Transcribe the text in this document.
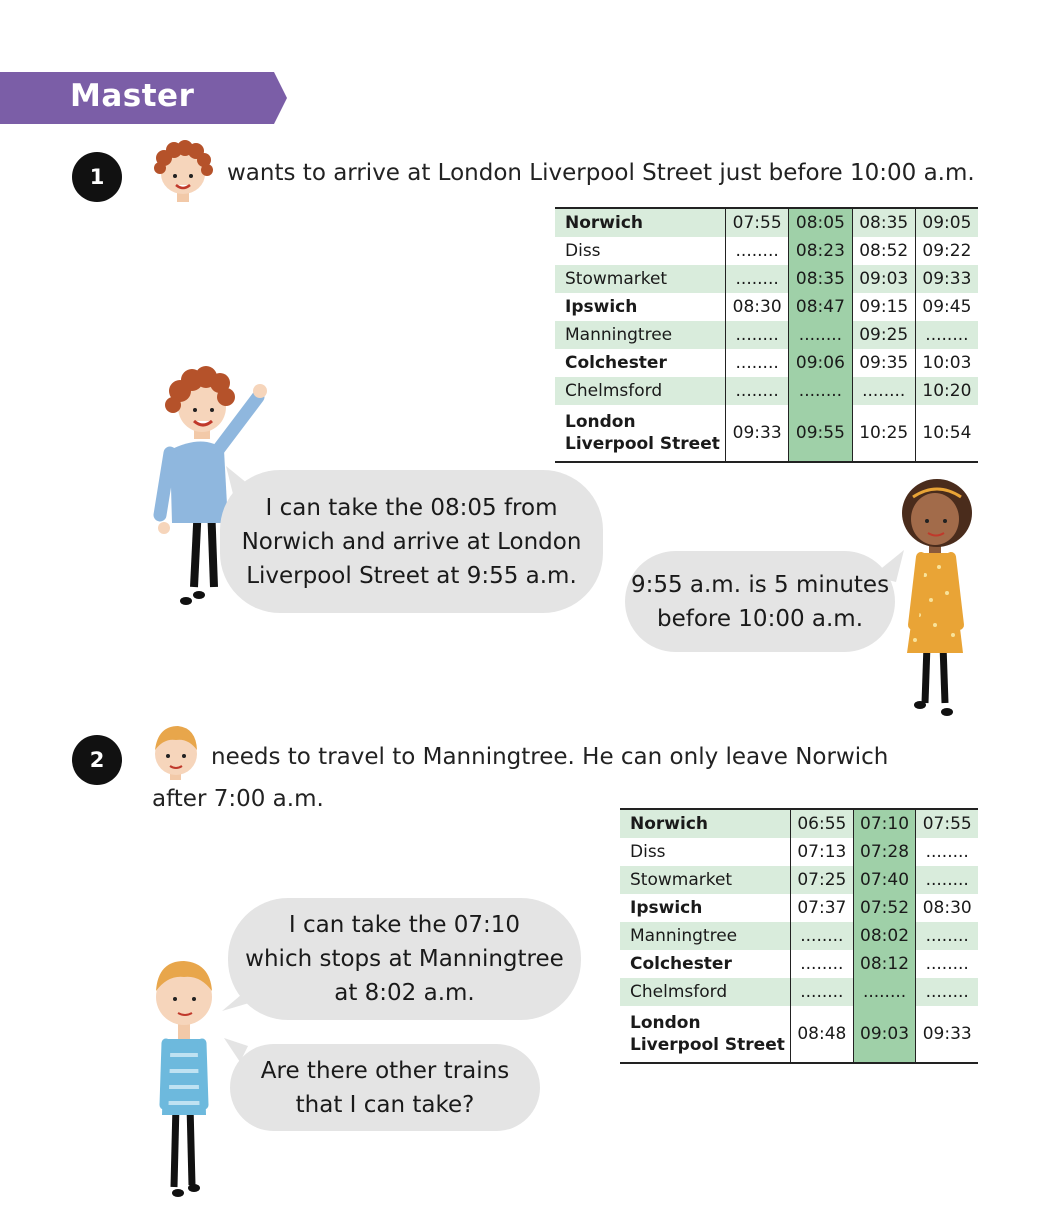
Master
1	wants to arrive at London Liverpool Street just before 10:00 a.m.
Norwich	07:55	08:05	08:35	09:05
Diss	........	08:23	08:52	09:22
Stowmarket	........	08:35	09:03	09:33
Ipswich	08:30	08:47	09:15	09:45
Manningtree	........	........	09:25	........
Colchester	........	09:06	09:35	10:03
Chelmsford	........	........	........	10:20

London
Liverpool Street	09:33	09:55	10:25	10:54
I can take the 08:05 from
Norwich and arrive at London
Liverpool Street at 9:55 a.m. 9:55 a.m. is 5 minutes
before 10:00 a.m.
2	needs to travel to Manningtree. He can only leave Norwich
after 7:00 a.m.
Norwich	06:55	07:10	07:55
Diss	07:13	07:28	........
Stowmarket	07:25	07:40	........
Ipswich	07:37	07:52	08:30
Manningtree	........	08:02	........
Colchester	........	08:12	........
Chelmsford	........	........	........

London
Liverpool Street	08:48	09:03	09:33
I can take the 07:10
which stops at Manningtree
at 8:02 a.m.
Are there other trains
that I can take?
